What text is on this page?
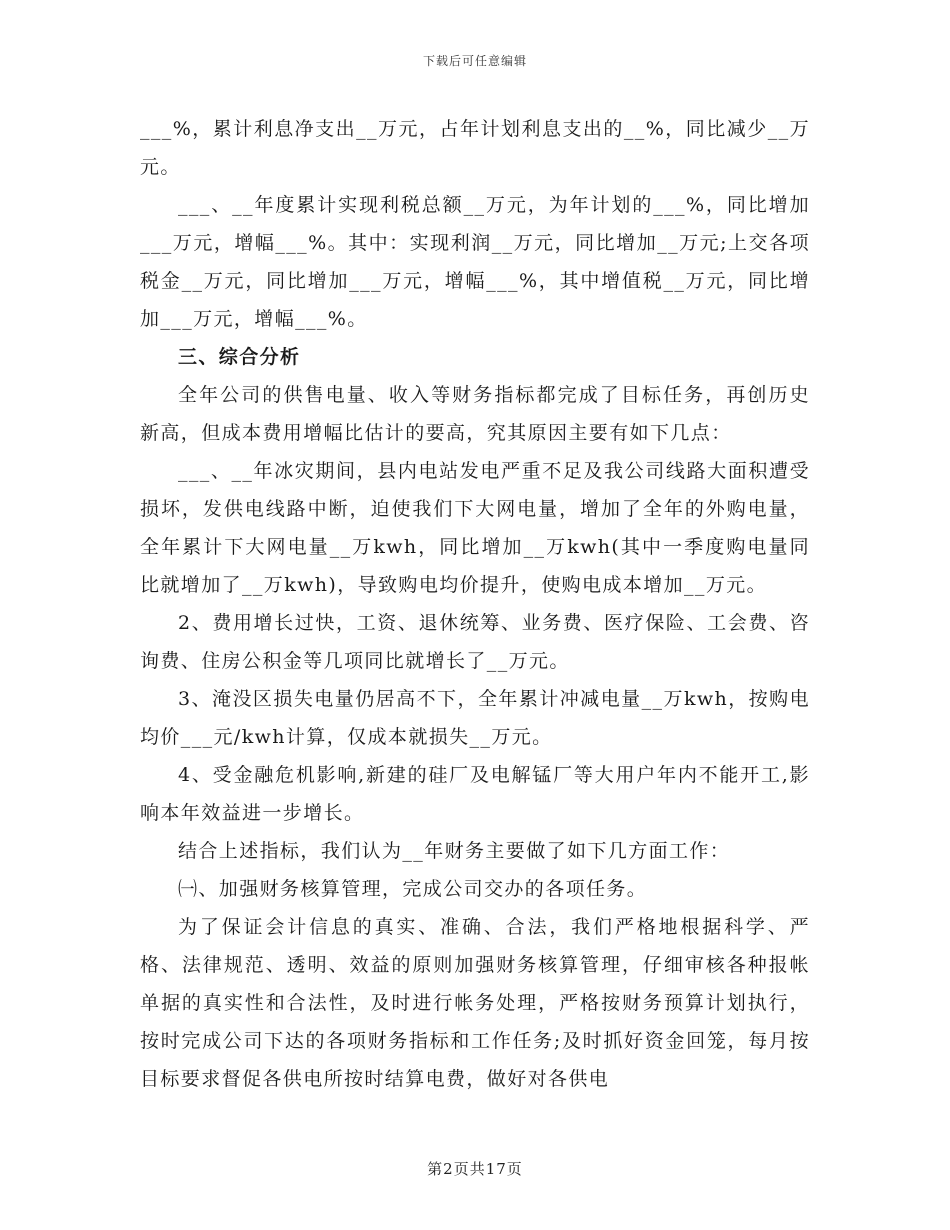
下载后可任意编辑

___%，累计利息净支出__万元，占年计划利息支出的__%，同比减少__万元。

___、__年度累计实现利税总额__万元，为年计划的___%，同比增加___万元，增幅___%。其中：实现利润__万元，同比增加__万元;上交各项税金__万元，同比增加___万元，增幅___%，其中增值税__万元，同比增加___万元，增幅___%。

三、综合分析

全年公司的供售电量、收入等财务指标都完成了目标任务，再创历史新高，但成本费用增幅比估计的要高，究其原因主要有如下几点：

___、__年冰灾期间，县内电站发电严重不足及我公司线路大面积遭受损坏，发供电线路中断，迫使我们下大网电量，增加了全年的外购电量，全年累计下大网电量__万kwh，同比增加__万kwh(其中一季度购电量同比就增加了__万kwh)，导致购电均价提升，使购电成本增加__万元。

2、费用增长过快，工资、退休统筹、业务费、医疗保险、工会费、咨询费、住房公积金等几项同比就增长了__万元。

3、淹没区损失电量仍居高不下，全年累计冲减电量__万kwh，按购电均价___元/kwh计算，仅成本就损失__万元。

4、受金融危机影响,新建的硅厂及电解锰厂等大用户年内不能开工,影响本年效益进一步增长。

结合上述指标，我们认为__年财务主要做了如下几方面工作：

㈠、加强财务核算管理，完成公司交办的各项任务。

为了保证会计信息的真实、准确、合法，我们严格地根据科学、严格、法律规范、透明、效益的原则加强财务核算管理，仔细审核各种报帐单据的真实性和合法性，及时进行帐务处理，严格按财务预算计划执行，按时完成公司下达的各项财务指标和工作任务;及时抓好资金回笼，每月按目标要求督促各供电所按时结算电费，做好对各供电

第2页共17页
